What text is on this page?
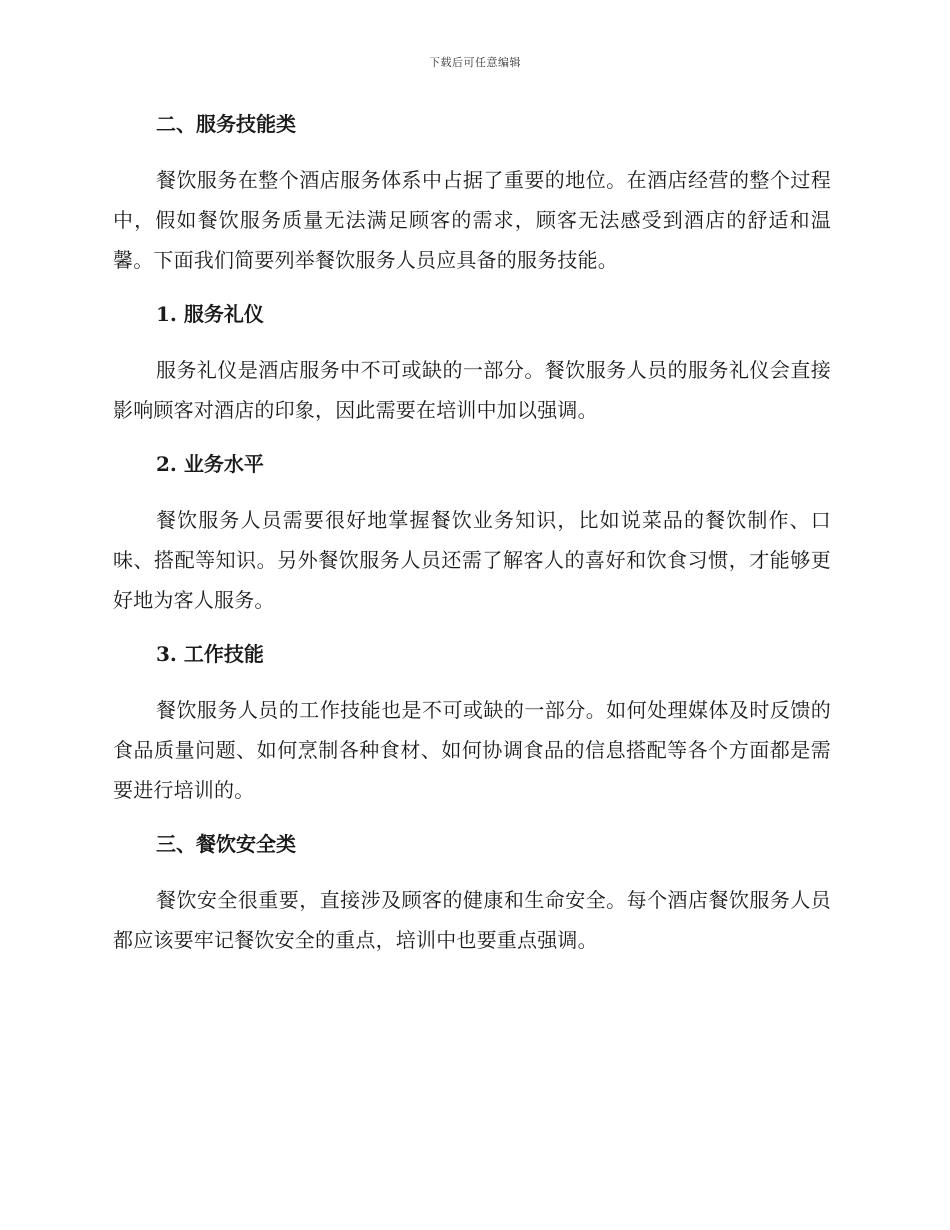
下载后可任意编辑
二、服务技能类

餐饮服务在整个酒店服务体系中占据了重要的地位。在酒店经营的整个过程中，假如餐饮服务质量无法满足顾客的需求，顾客无法感受到酒店的舒适和温馨。下面我们简要列举餐饮服务人员应具备的服务技能。

1. 服务礼仪

服务礼仪是酒店服务中不可或缺的一部分。餐饮服务人员的服务礼仪会直接影响顾客对酒店的印象，因此需要在培训中加以强调。

2. 业务水平

餐饮服务人员需要很好地掌握餐饮业务知识，比如说菜品的餐饮制作、口味、搭配等知识。另外餐饮服务人员还需了解客人的喜好和饮食习惯，才能够更好地为客人服务。

3. 工作技能

餐饮服务人员的工作技能也是不可或缺的一部分。如何处理媒体及时反馈的食品质量问题、如何烹制各种食材、如何协调食品的信息搭配等各个方面都是需要进行培训的。

三、餐饮安全类

餐饮安全很重要，直接涉及顾客的健康和生命安全。每个酒店餐饮服务人员都应该要牢记餐饮安全的重点，培训中也要重点强调。
